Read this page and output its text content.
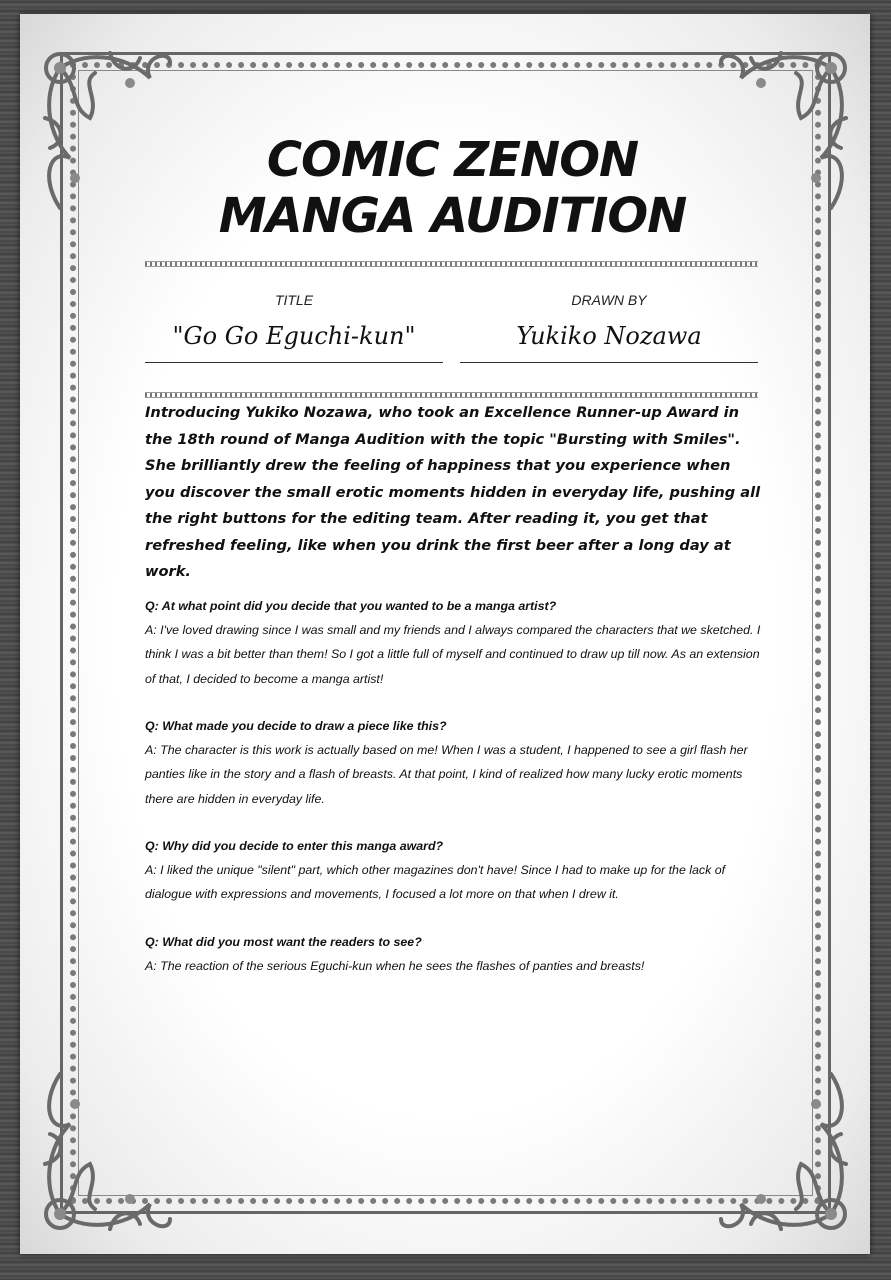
COMIC ZENON
MANGA AUDITION
TITLE	DRAWN BY
"Go Go Eguchi-kun"	Yukiko Nozawa

Introducing Yukiko Nozawa, who took an Excellence Runner-up Award in the 18th round of Manga Audition with the topic "Bursting with Smiles". She brilliantly drew the feeling of happiness that you experience when you discover the small erotic moments hidden in everyday life, pushing all the right buttons for the editing team. After reading it, you get that refreshed feeling, like when you drink the first beer after a long day at work.

Q: At what point did you decide that you wanted to be a manga artist?

A: I've loved drawing since I was small and my friends and I always compared the characters that we sketched. I think I was a bit better than them! So I got a little full of myself and continued to draw up till now. As an extension of that, I decided to become a manga artist!

Q: What made you decide to draw a piece like this?

A: The character is this work is actually based on me! When I was a student, I happened to see a girl flash her panties like in the story and a flash of breasts. At that point, I kind of realized how many lucky erotic moments there are hidden in everyday life.

Q: Why did you decide to enter this manga award?

A: I liked the unique "silent" part, which other magazines don't have! Since I had to make up for the lack of dialogue with expressions and movements, I focused a lot more on that when I drew it.

Q: What did you most want the readers to see?

A: The reaction of the serious Eguchi-kun when he sees the flashes of panties and breasts!
